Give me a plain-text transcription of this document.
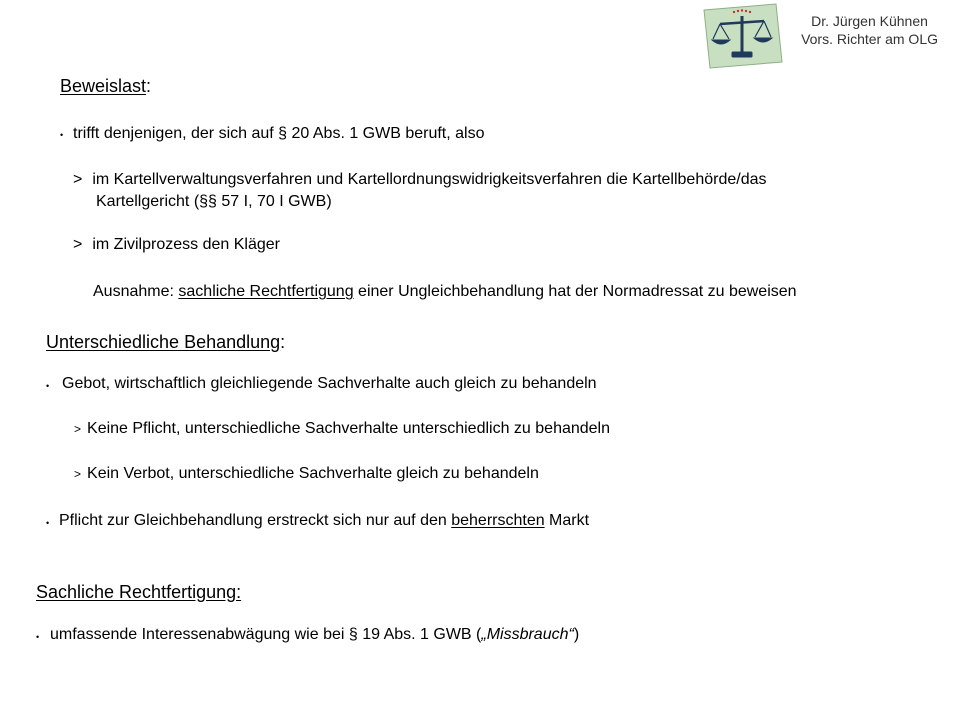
Dr. Jürgen Kühnen
Vors. Richter am OLG
Beweislast:
• trifft denjenigen, der sich auf § 20 Abs. 1 GWB beruft, also
> im Kartellverwaltungsverfahren und Kartellordnungswidrigkeitsverfahren die Kartellbehörde/das
Kartellgericht (§§ 57 I, 70 I GWB)
> im Zivilprozess den Kläger
Ausnahme: sachliche Rechtfertigung einer Ungleichbehandlung hat der Normadressat zu beweisen
Unterschiedliche Behandlung:
• Gebot, wirtschaftlich gleichliegende Sachverhalte auch gleich zu behandeln
> Keine Pflicht, unterschiedliche Sachverhalte unterschiedlich zu behandeln
> Kein Verbot, unterschiedliche Sachverhalte gleich zu behandeln
• Pflicht zur Gleichbehandlung erstreckt sich nur auf den beherrschten Markt
Sachliche Rechtfertigung:
• umfassende Interessenabwägung wie bei § 19 Abs. 1 GWB („Missbrauch“)
